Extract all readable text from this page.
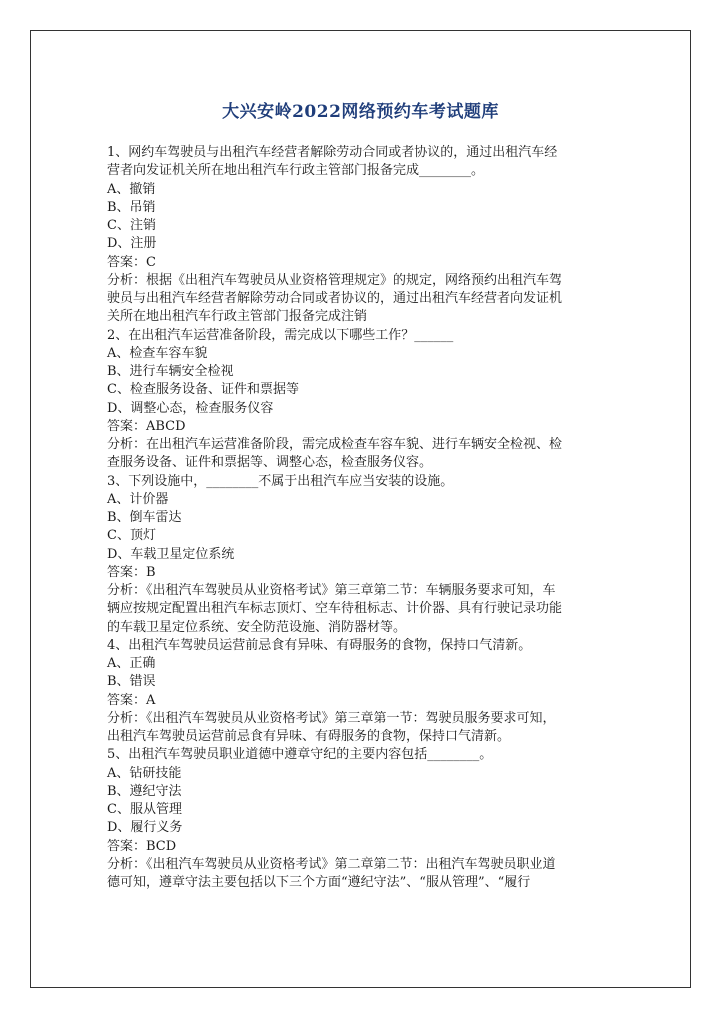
大兴安岭2022网络预约车考试题库

1、网约车驾驶员与出租汽车经营者解除劳动合同或者协议的，通过出租汽车经

营者向发证机关所在地出租汽车行政主管部门报备完成________。

A、撤销

B、吊销

C、注销

D、注册

答案：C

分析：根据《出租汽车驾驶员从业资格管理规定》的规定，网络预约出租汽车驾

驶员与出租汽车经营者解除劳动合同或者协议的，通过出租汽车经营者向发证机

关所在地出租汽车行政主管部门报备完成注销

2、在出租汽车运营准备阶段，需完成以下哪些工作？______

A、检查车容车貌

B、进行车辆安全检视

C、检查服务设备、证件和票据等

D、调整心态，检查服务仪容

答案：ABCD

分析：在出租汽车运营准备阶段，需完成检查车容车貌、进行车辆安全检视、检

查服务设备、证件和票据等、调整心态，检查服务仪容。

3、下列设施中，________不属于出租汽车应当安装的设施。

A、计价器

B、倒车雷达

C、顶灯

D、车载卫星定位系统

答案：B

分析：《出租汽车驾驶员从业资格考试》第三章第二节：车辆服务要求可知，车

辆应按规定配置出租汽车标志顶灯、空车待租标志、计价器、具有行驶记录功能

的车载卫星定位系统、安全防范设施、消防器材等。

4、出租汽车驾驶员运营前忌食有异味、有碍服务的食物，保持口气清新。

A、正确

B、错误

答案：A

分析：《出租汽车驾驶员从业资格考试》第三章第一节：驾驶员服务要求可知，

出租汽车驾驶员运营前忌食有异味、有碍服务的食物，保持口气清新。

5、出租汽车驾驶员职业道德中遵章守纪的主要内容包括________。

A、钻研技能

B、遵纪守法

C、服从管理

D、履行义务

答案：BCD

分析：《出租汽车驾驶员从业资格考试》第二章第二节：出租汽车驾驶员职业道

德可知，遵章守法主要包括以下三个方面“遵纪守法”、“服从管理”、“履行
